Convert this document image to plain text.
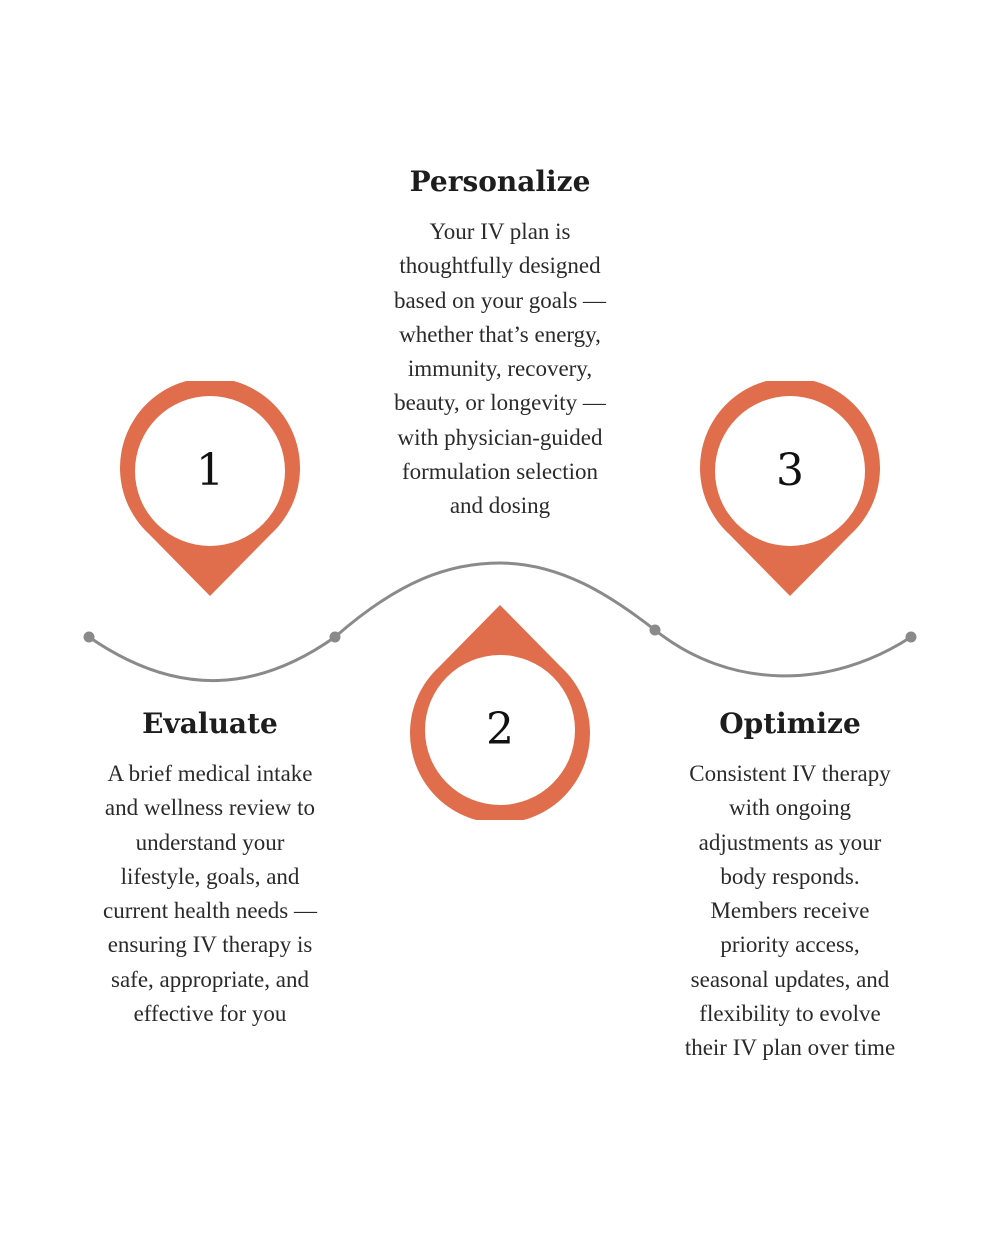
1
2
3
Personalize
Your IV plan is
thoughtfully designed
based on your goals —
whether that’s energy,
immunity, recovery,
beauty, or longevity —
with physician-guided
formulation selection
and dosing
Evaluate
A brief medical intake
and wellness review to
understand your
lifestyle, goals, and
current health needs —
ensuring IV therapy is
safe, appropriate, and
effective for you
Optimize
Consistent IV therapy
with ongoing
adjustments as your
body responds.
Members receive
priority access,
seasonal updates, and
flexibility to evolve
their IV plan over time
